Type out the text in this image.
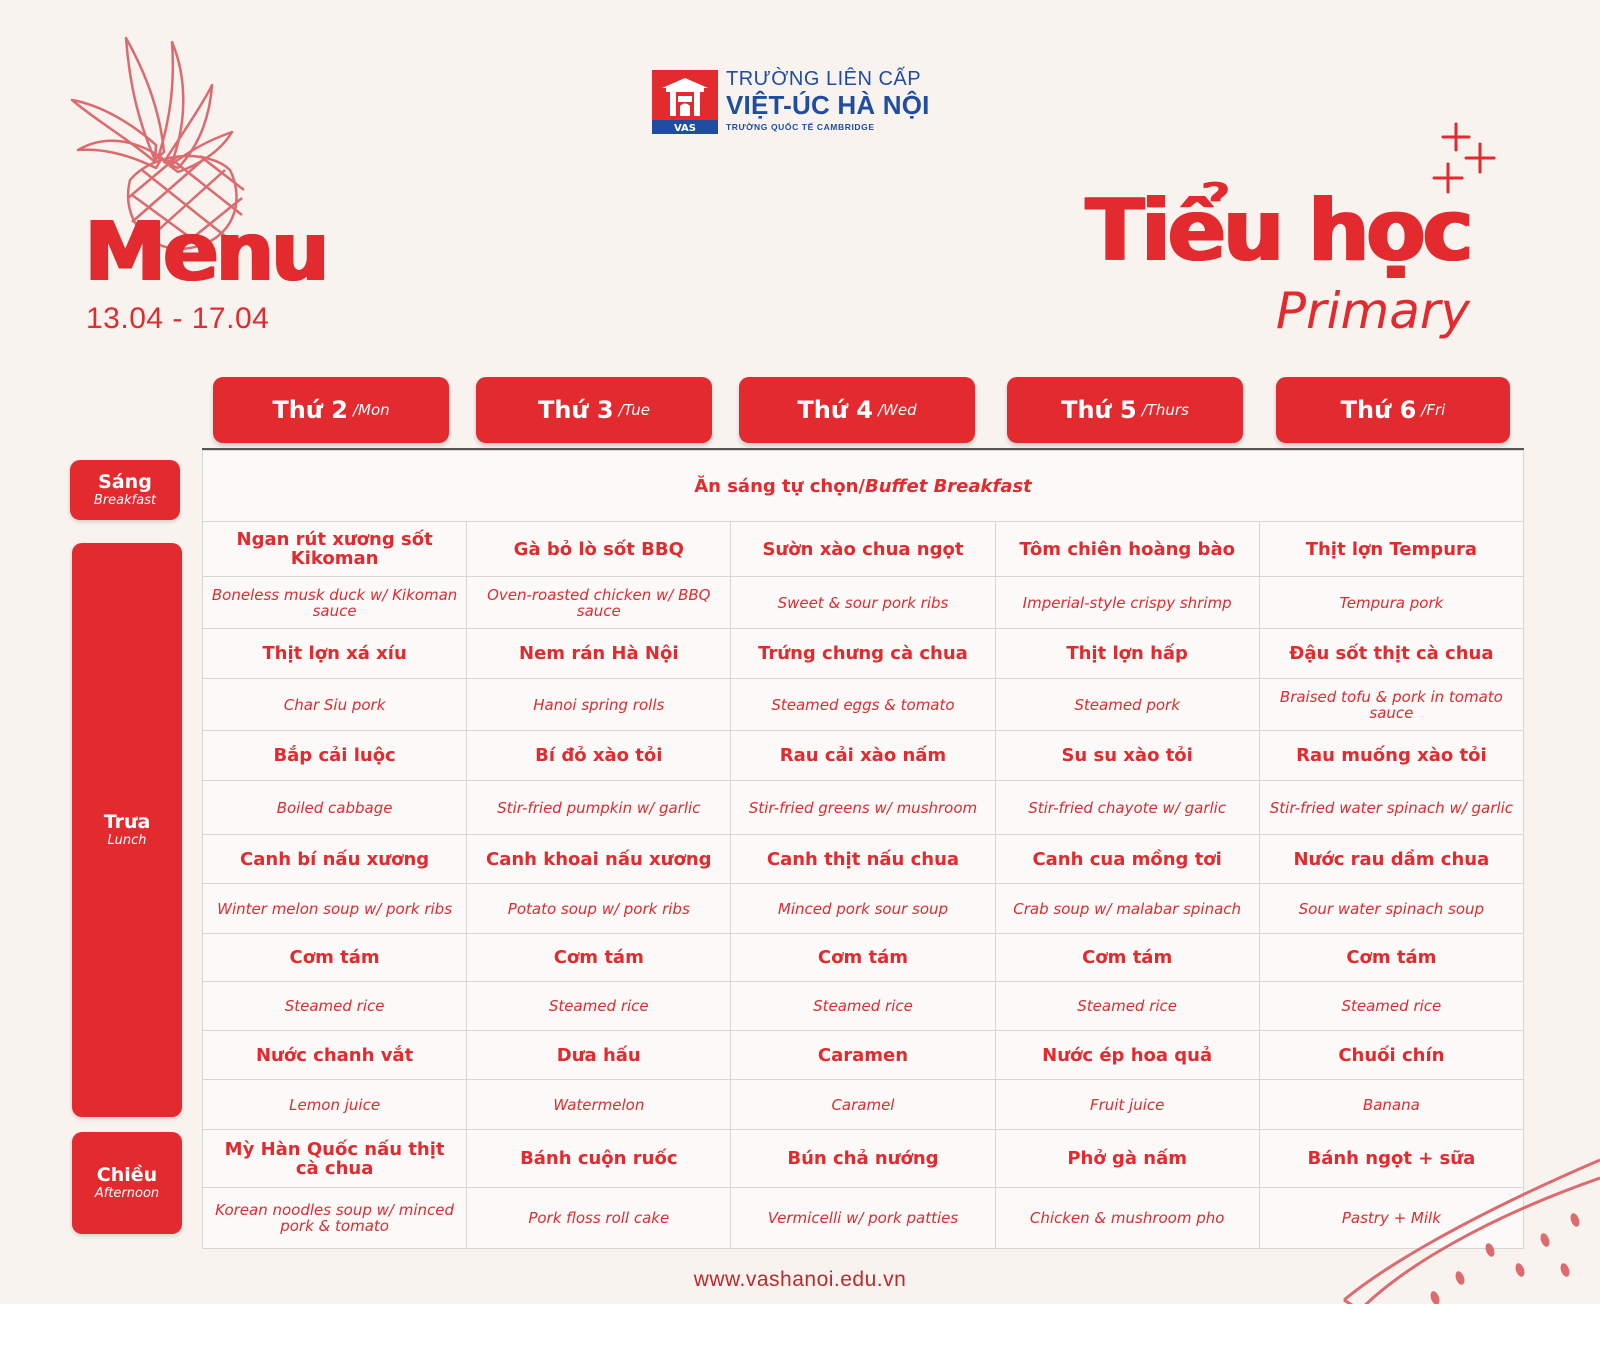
VAS
TRƯỜNG LIÊN CẤP
VIỆT-ÚC HÀ NỘI
TRƯỜNG QUỐC TẾ CAMBRIDGE
Menu
13.04 - 17.04
Tiểu học
Primary
Thứ 2 /Mon	Thứ 3 /Tue	Thứ 4 /Wed	Thứ 5 /Thurs	Thứ 6 /Fri
Sáng
Breakfast
Trưa
Lunch
Chiều
Afternoon
Ăn sáng tự chọn/Buffet Breakfast				
Ngan rút xương sốt Kikoman	Gà bỏ lò sốt BBQ	Sườn xào chua ngọt	Tôm chiên hoàng bào	Thịt lợn Tempura
Boneless musk duck w/ Kikoman sauce	Oven-roasted chicken w/ BBQ sauce	Sweet & sour pork ribs	Imperial-style crispy shrimp	Tempura pork
Thịt lợn xá xíu	Nem rán Hà Nội	Trứng chưng cà chua	Thịt lợn hấp	Đậu sốt thịt cà chua
Char Siu pork	Hanoi spring rolls	Steamed eggs & tomato	Steamed pork	Braised tofu & pork in tomato sauce
Bắp cải luộc	Bí đỏ xào tỏi	Rau cải xào nấm	Su su xào tỏi	Rau muống xào tỏi
Boiled cabbage	Stir-fried pumpkin w/ garlic	Stir-fried greens w/ mushroom	Stir-fried chayote w/ garlic	Stir-fried water spinach w/ garlic
Canh bí nấu xương	Canh khoai nấu xương	Canh thịt nấu chua	Canh cua mồng tơi	Nước rau dầm chua
Winter melon soup w/ pork ribs	Potato soup w/ pork ribs	Minced pork sour soup	Crab soup w/ malabar spinach	Sour water spinach soup
Cơm tám	Cơm tám	Cơm tám	Cơm tám	Cơm tám
Steamed rice	Steamed rice	Steamed rice	Steamed rice	Steamed rice
Nước chanh vắt	Dưa hấu	Caramen	Nước ép hoa quả	Chuối chín
Lemon juice	Watermelon	Caramel	Fruit juice	Banana
Mỳ Hàn Quốc nấu thịt cà chua	Bánh cuộn ruốc	Bún chả nướng	Phở gà nấm	Bánh ngọt + sữa
Korean noodles soup w/ minced pork & tomato	Pork floss roll cake	Vermicelli w/ pork patties	Chicken & mushroom pho	Pastry + Milk
www.vashanoi.edu.vn
